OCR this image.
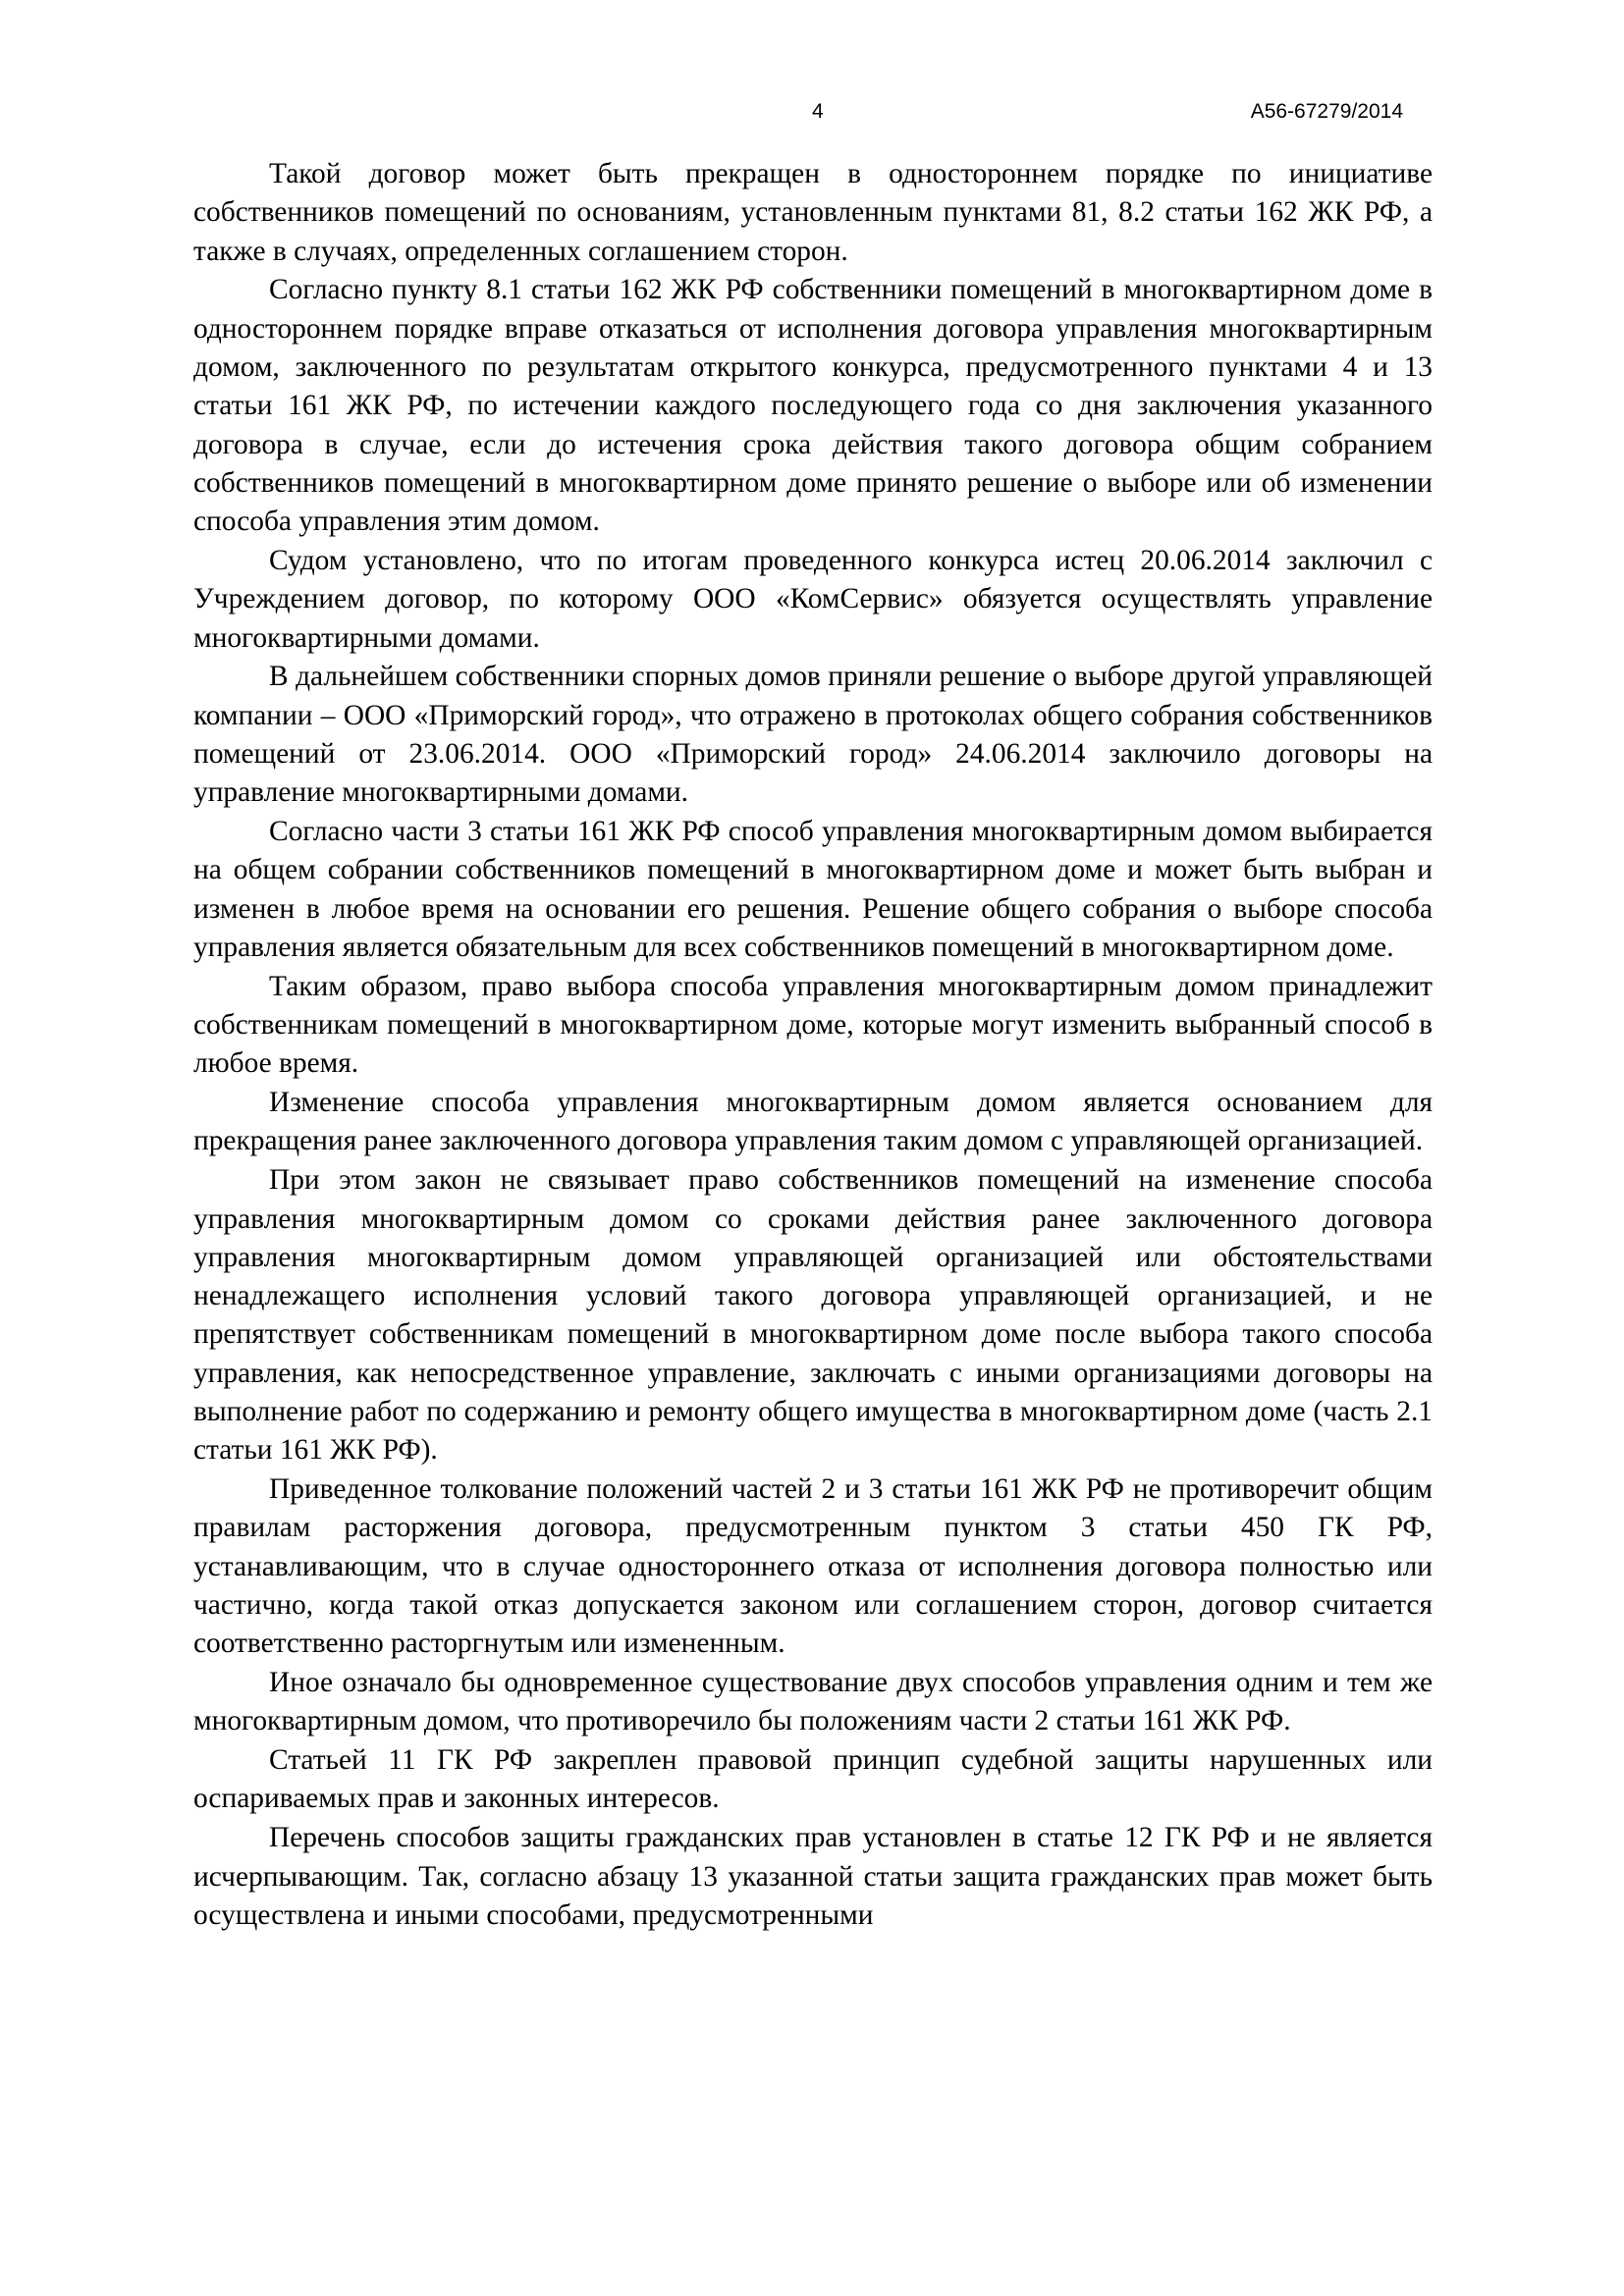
4	А56-67279/2014

Такой договор может быть прекращен в одностороннем порядке по инициативе собственников помещений по основаниям, установленным пунктами 81, 8.2 статьи 162 ЖК РФ, а также в случаях, определенных соглашением сторон.

Согласно пункту 8.1 статьи 162 ЖК РФ собственники помещений в многоквартирном доме в одностороннем порядке вправе отказаться от исполнения договора управления многоквартирным домом, заключенного по результатам открытого конкурса, предусмотренного пунктами 4 и 13 статьи 161 ЖК РФ, по истечении каждого последующего года со дня заключения указанного договора в случае, если до истечения срока действия такого договора общим собранием собственников помещений в многоквартирном доме принято решение о выборе или об изменении способа управления этим домом.

Судом установлено, что по итогам проведенного конкурса истец 20.06.2014 заключил с Учреждением договор, по которому ООО «КомСервис» обязуется осуществлять управление многоквартирными домами.

В дальнейшем собственники спорных домов приняли решение о выборе другой управляющей компании – ООО «Приморский город», что отражено в протоколах общего собрания собственников помещений от 23.06.2014. ООО «Приморский город» 24.06.2014 заключило договоры на управление многоквартирными домами.

Согласно части 3 статьи 161 ЖК РФ способ управления многоквартирным домом выбирается на общем собрании собственников помещений в многоквартирном доме и может быть выбран и изменен в любое время на основании его решения. Решение общего собрания о выборе способа управления является обязательным для всех собственников помещений в многоквартирном доме.

Таким образом, право выбора способа управления многоквартирным домом принадлежит собственникам помещений в многоквартирном доме, которые могут изменить выбранный способ в любое время.

Изменение способа управления многоквартирным домом является основанием для прекращения ранее заключенного договора управления таким домом с управляющей организацией.

При этом закон не связывает право собственников помещений на изменение способа управления многоквартирным домом со сроками действия ранее заключенного договора управления многоквартирным домом управляющей организацией или обстоятельствами ненадлежащего исполнения условий такого договора управляющей организацией, и не препятствует собственникам помещений в многоквартирном доме после выбора такого способа управления, как непосредственное управление, заключать с иными организациями договоры на выполнение работ по содержанию и ремонту общего имущества в многоквартирном доме (часть 2.1 статьи 161 ЖК РФ).

Приведенное толкование положений частей 2 и 3 статьи 161 ЖК РФ не противоречит общим правилам расторжения договора, предусмотренным пунктом 3 статьи 450 ГК РФ, устанавливающим, что в случае одностороннего отказа от исполнения договора полностью или частично, когда такой отказ допускается законом или соглашением сторон, договор считается соответственно расторгнутым или измененным.

Иное означало бы одновременное существование двух способов управления одним и тем же многоквартирным домом, что противоречило бы положениям части 2 статьи 161 ЖК РФ.

Статьей 11 ГК РФ закреплен правовой принцип судебной защиты нарушенных или оспариваемых прав и законных интересов.

Перечень способов защиты гражданских прав установлен в статье 12 ГК РФ и не является исчерпывающим. Так, согласно абзацу 13 указанной статьи защита гражданских прав может быть осуществлена и иными способами, предусмотренными
